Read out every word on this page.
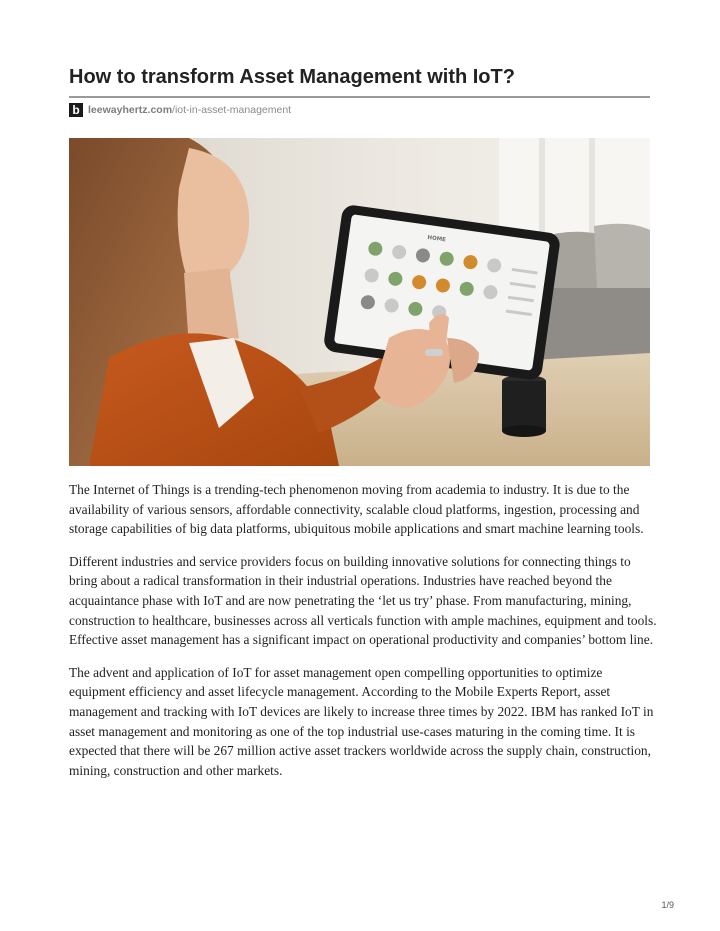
How to transform Asset Management with IoT?
b leewayhertz.com /iot-in-asset-management
HOME

The Internet of Things is a trending-tech phenomenon moving from academia to industry. It is due to the availability of various sensors, affordable connectivity, scalable cloud platforms, ingestion, processing and storage capabilities of big data platforms, ubiquitous mobile applications and smart machine learning tools.

Different industries and service providers focus on building innovative solutions for connecting things to bring about a radical transformation in their industrial operations. Industries have reached beyond the acquaintance phase with IoT and are now penetrating the ‘let us try’ phase. From manufacturing, mining, construction to healthcare, businesses across all verticals function with ample machines, equipment and tools. Effective asset management has a significant impact on operational productivity and companies’ bottom line.

The advent and application of IoT for asset management open compelling opportunities to optimize equipment efficiency and asset lifecycle management. According to the Mobile Experts Report, asset management and tracking with IoT devices are likely to increase three times by 2022. IBM has ranked IoT in asset management and monitoring as one of the top industrial use-cases maturing in the coming time. It is expected that there will be 267 million active asset trackers worldwide across the supply chain, construction, mining, construction and other markets.

1/9
